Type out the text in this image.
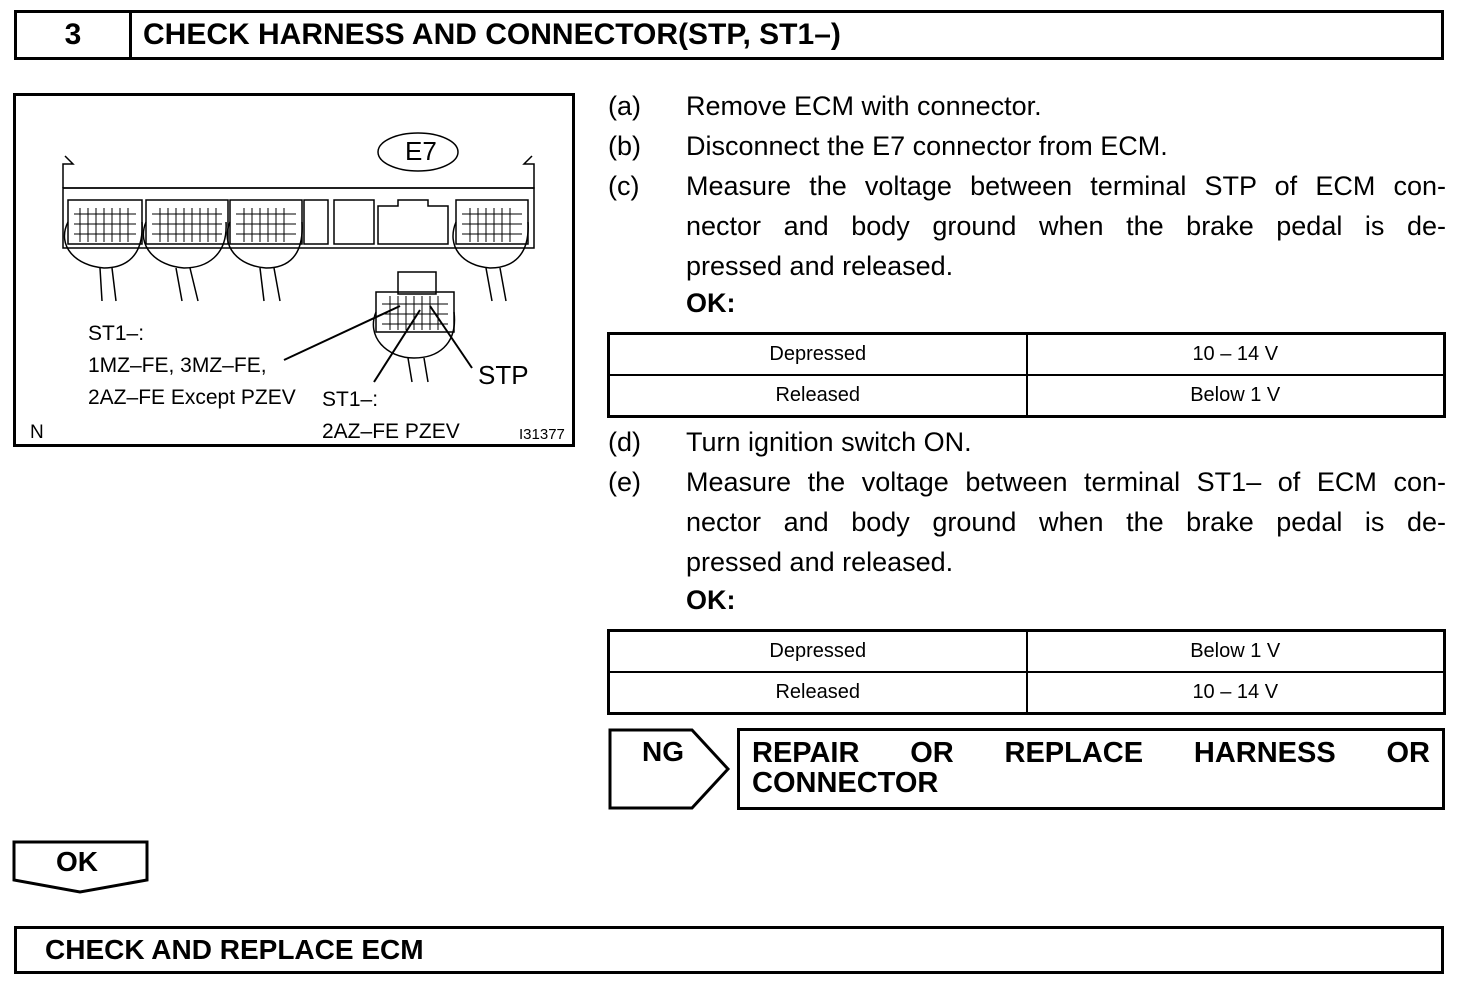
3	CHECK HARNESS AND CONNECTOR(STP, ST1–)
E7
ST1–:
1MZ–FE, 3MZ–FE,
2AZ–FE Except PZEV ST1–:
2AZ–FE PZEV
STP
N	I31377
(a)	Remove ECM with connector.
(b)	Disconnect the E7 connector from ECM.
(c)	Measure the voltage between terminal STP of ECM con-
nector and body ground when the brake pedal is de-
pressed and released.
OK:
Depressed	10 – 14 V
Released	Below 1 V
(d)	Turn ignition switch ON.
(e)	Measure the voltage between terminal ST1– of ECM con-
nector and body ground when the brake pedal is de-
pressed and released.
OK:
Depressed	Below 1 V
Released	10 – 14 V
NG REPAIR OR REPLACE HARNESS OR
CONNECTOR
OK
CHECK AND REPLACE ECM
